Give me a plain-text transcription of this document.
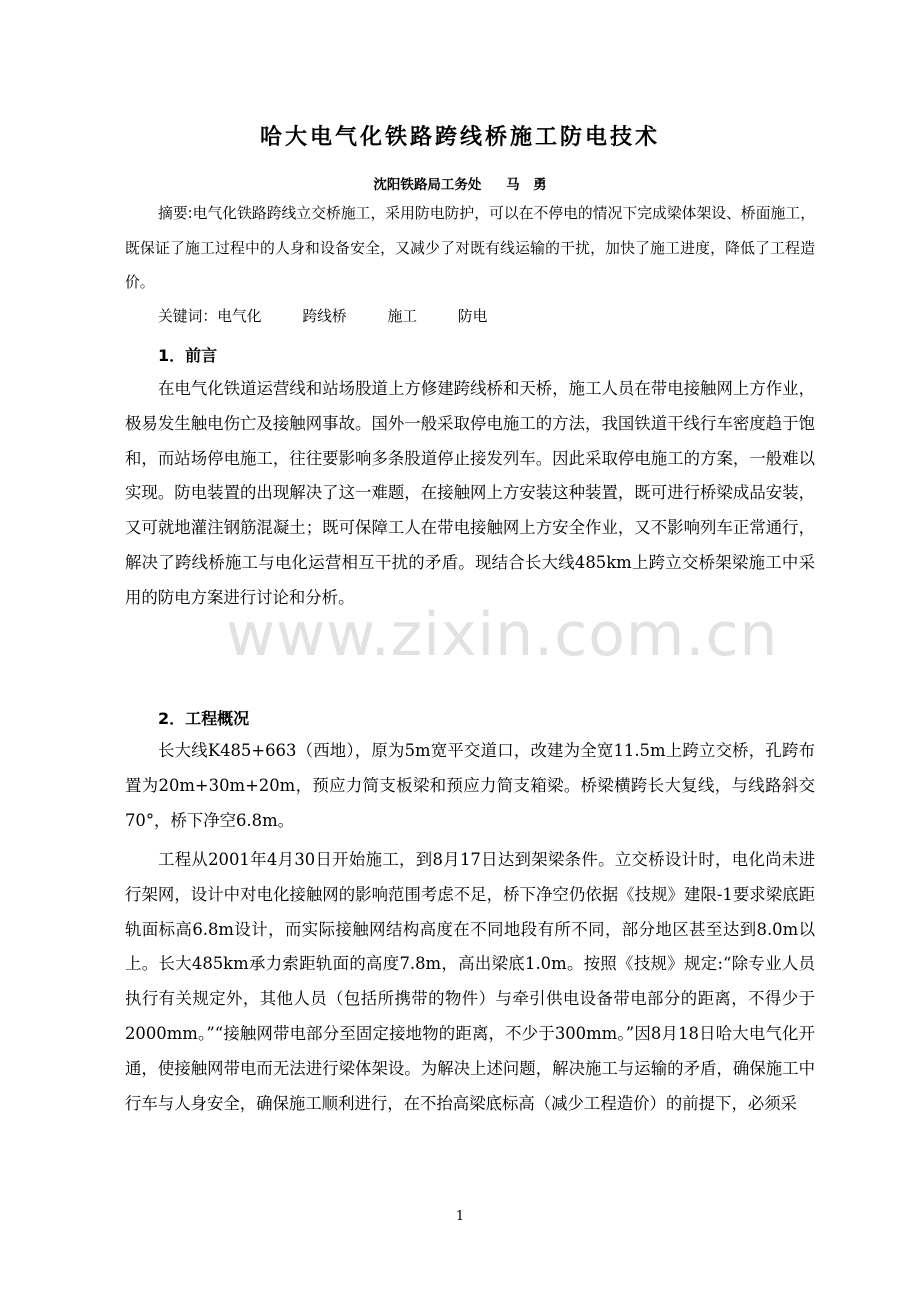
哈大电气化铁路跨线桥施工防电技术
沈阳铁路局工务处 马　勇
摘要:电气化铁路跨线立交桥施工，采用防电防护，可以在不停电的情况下完成梁体架设、桥面施工，既保证了施工过程中的人身和设备安全，又减少了对既有线运输的干扰，加快了施工进度，降低了工程造价。
关键词：电气化	跨线桥	施工	防电
1．前言
在电气化铁道运营线和站场股道上方修建跨线桥和天桥，施工人员在带电接触网上方作业，极易发生触电伤亡及接触网事故。国外一般采取停电施工的方法，我国铁道干线行车密度趋于饱和，而站场停电施工，往往要影响多条股道停止接发列车。因此采取停电施工的方案，一般难以实现。防电装置的出现解决了这一难题，在接触网上方安装这种装置，既可进行桥梁成品安装，又可就地灌注钢筋混凝土；既可保障工人在带电接触网上方安全作业，又不影响列车正常通行，解决了跨线桥施工与电化运营相互干扰的矛盾。现结合长大线485km上跨立交桥架梁施工中采用的防电方案进行讨论和分析。
2．工程概况
长大线K485+663（西地），原为5m宽平交道口，改建为全宽11.5m上跨立交桥，孔跨布置为20m+30m+20m，预应力简支板梁和预应力简支箱梁。桥梁横跨长大复线，与线路斜交70°，桥下净空6.8m。
工程从2001年4月30日开始施工，到8月17日达到架梁条件。立交桥设计时，电化尚未进行架网，设计中对电化接触网的影响范围考虑不足，桥下净空仍依据《技规》建限-1要求梁底距轨面标高6.8m设计，而实际接触网结构高度在不同地段有所不同，部分地区甚至达到8.0m以上。长大485km承力索距轨面的高度7.8m，高出梁底1.0m。按照《技规》规定:“除专业人员执行有关规定外，其他人员（包括所携带的物件）与牵引供电设备带电部分的距离，不得少于2000mm。”“接触网带电部分至固定接地物的距离，不少于300mm。”因8月18日哈大电气化开通，使接触网带电而无法进行梁体架设。为解决上述问题，解决施工与运输的矛盾，确保施工中行车与人身安全，确保施工顺利进行，在不抬高梁底标高（减少工程造价）的前提下，必须采
www.zixin.com.cn
1
